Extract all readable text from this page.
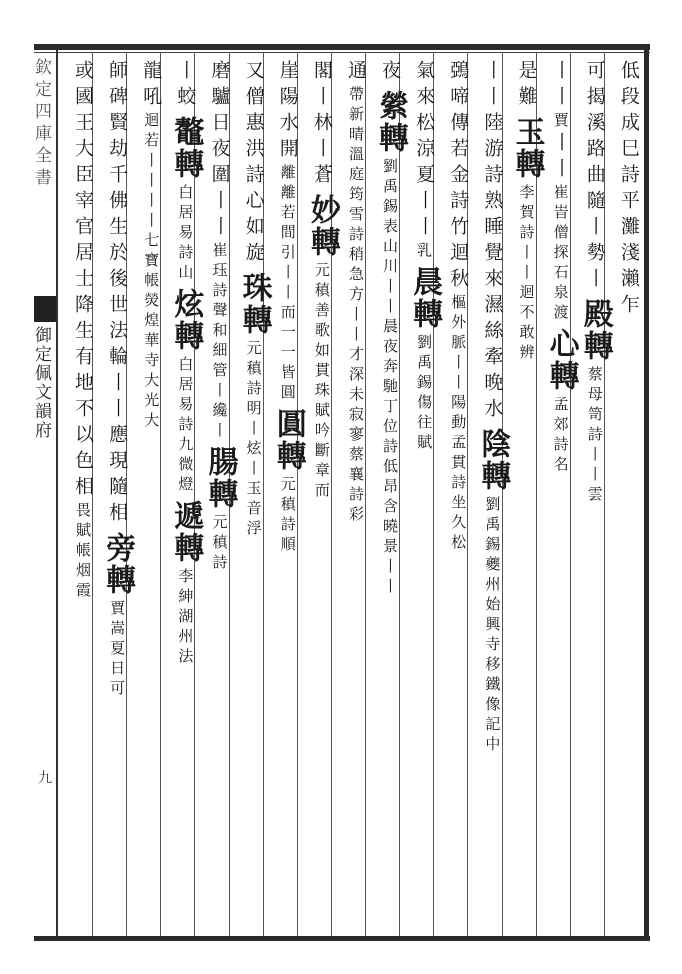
欽定四庫全書
御定佩文韻府
九
低段成巳詩平灘淺瀨乍
可揭溪路曲隨丨勢丨
殿轉
蔡母笥詩丨丨雲
丨丨
賈
丨丨
崔峕僧探石泉渡
心轉
孟郊詩名
是難
玉轉
李賀詩丨丨
迴不敢辨
丨丨陸游詩熟睡覺來
濕絲牽晚水
陰轉
劉禹錫夔州始興寺移鐵像記中
鵶啼傳若金詩竹迴秋
樞外脈丨丨陽動孟貫詩坐久松
氣來松涼夏丨丨
乳
晨轉
劉禹錫傷往賦
夜
縈轉
劉禹錫表山川丨丨晨夜奔馳丁位詩低昂含曉景丨丨
通
帶新晴溫庭筠雪詩稍急方丨丨才深未寂寥蔡襄詩彩
閣丨林丨蒼
妙轉
元稹善歌如貫珠賦吟斷章而
崖陽水開
離離若間引丨丨而一一皆圓
圓轉
元稹詩順
又僧惠洪詩心如旋
珠轉
元稹詩明丨炫丨玉音浮
磨驢日夜圍丨丨
崔珏詩聲和細管丨纔丨
腸轉
元稹詩
丨蛟
鼇轉
白居易詩山
炫轉
白居易詩九微燈
遞轉
李紳湖州法
龍吼
迴若丨丨
丨丨七寶帳熒煌
華寺大光大
師碑賢劫千佛生於後世法輪丨丨應現隨相
旁轉
賈嵩夏日可
或國王大臣宰官居士降生有地不以色相
畏賦帳烟霞
